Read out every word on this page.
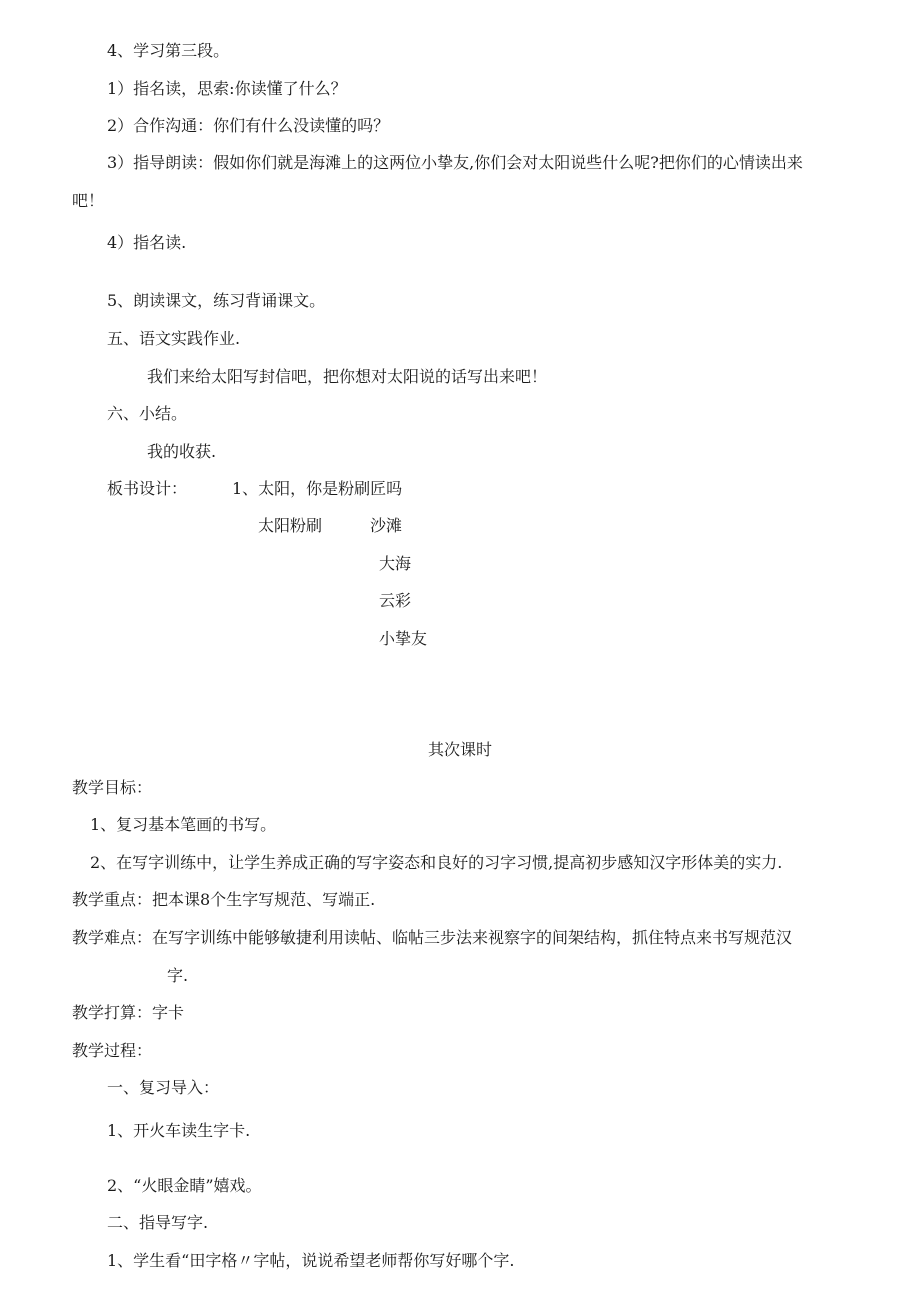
4、学习第三段。
1）指名读，思索:你读懂了什么？
2）合作沟通：你们有什么没读懂的吗？
3）指导朗读：假如你们就是海滩上的这两位小挚友,你们会对太阳说些什么呢?把你们的心情读出来
吧！
4）指名读.
5、朗读课文，练习背诵课文。
五、语文实践作业.
我们来给太阳写封信吧，把你想对太阳说的话写出来吧！
六、小结。
我的收获.
板书设计：	1、太阳，你是粉刷匠吗
太阳粉刷	沙滩
大海
云彩
小挚友
其次课时
教学目标：
1、复习基本笔画的书写。
2、在写字训练中，让学生养成正确的写字姿态和良好的习字习惯,提高初步感知汉字形体美的实力.
教学重点：把本课8个生字写规范、写端正.
教学难点：在写字训练中能够敏捷利用读帖、临帖三步法来视察字的间架结构，抓住特点来书写规范汉
字.
教学打算：字卡
教学过程：
一、复习导入：
1、开火车读生字卡.
2、“火眼金睛”嬉戏。
二、指导写字.
1、学生看“田字格〃字帖，说说希望老师帮你写好哪个字.
